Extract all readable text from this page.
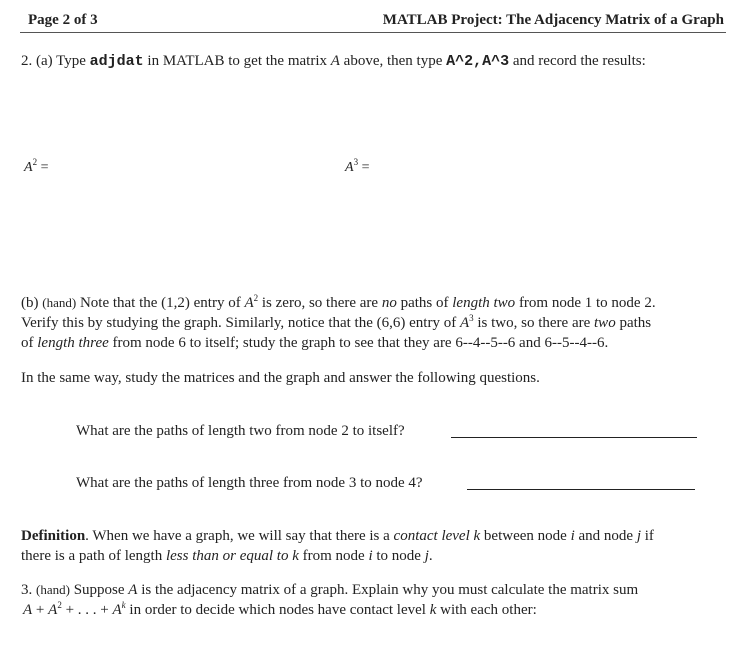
Page 2 of 3	MATLAB Project: The Adjacency Matrix of a Graph
2. (a) Type adjdat in MATLAB to get the matrix A above, then type A^2,A^3 and record the results:
$A^2$ =	$A^3$ =
(b) (hand) Note that the (1,2) entry of $A^2$ is zero, so there are no paths of length two from node 1 to node 2.
Verify this by studying the graph. Similarly, notice that the (6,6) entry of $A^3$ is two, so there are two paths
of length three from node 6 to itself; study the graph to see that they are 6--4--5--6 and 6--5--4--6.
In the same way, study the matrices and the graph and answer the following questions.
What are the paths of length two from node 2 to itself?
What are the paths of length three from node 3 to node 4?
Definition. When we have a graph, we will say that there is a contact level k between node i and node j if
there is a path of length less than or equal to k from node i to node j.
3. (hand) Suppose A is the adjacency matrix of a graph. Explain why you must calculate the matrix sum
$A + A^2$ + . . . + $A^k$ in order to decide which nodes have contact level k with each other:
